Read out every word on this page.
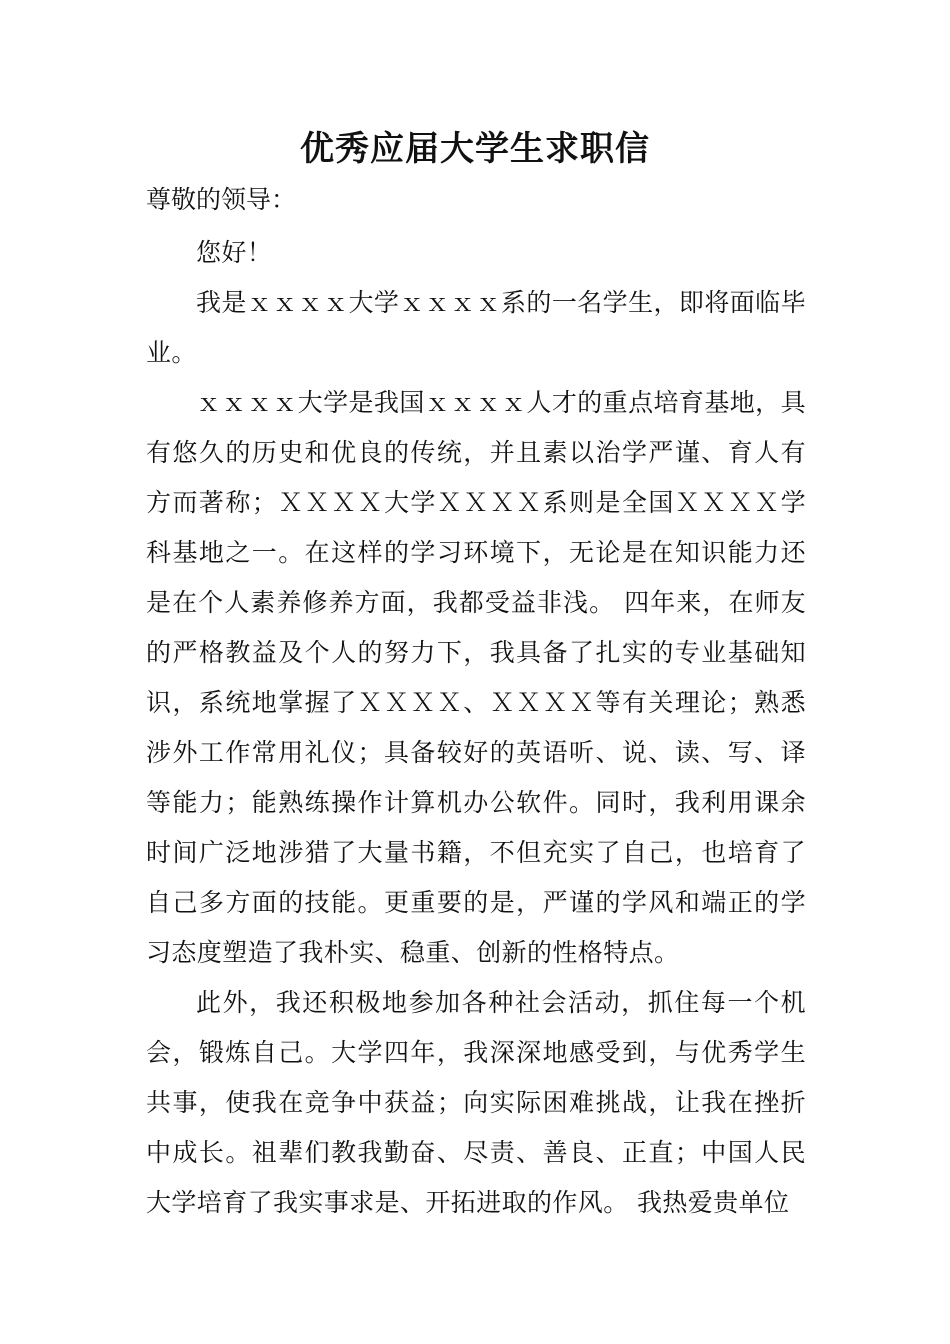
优秀应届大学生求职信
尊敬的领导：

您好！

我是ｘｘｘｘ大学ｘｘｘｘ系的一名学生，即将面临毕业。

ｘｘｘｘ大学是我国ｘｘｘｘ人才的重点培育基地，具有悠久的历史和优良的传统，并且素以治学严谨、育人有方而著称；ＸＸＸＸ大学ＸＸＸＸ系则是全国ＸＸＸＸ学科基地之一。在这样的学习环境下，无论是在知识能力还是在个人素养修养方面，我都受益非浅。 四年来，在师友的严格教益及个人的努力下，我具备了扎实的专业基础知识，系统地掌握了ＸＸＸＸ、ＸＸＸＸ等有关理论；熟悉涉外工作常用礼仪；具备较好的英语听、说、读、写、译等能力；能熟练操作计算机办公软件。同时，我利用课余时间广泛地涉猎了大量书籍，不但充实了自己，也培育了自己多方面的技能。更重要的是，严谨的学风和端正的学习态度塑造了我朴实、稳重、创新的性格特点。

此外，我还积极地参加各种社会活动，抓住每一个机会，锻炼自己。大学四年，我深深地感受到，与优秀学生共事，使我在竞争中获益；向实际困难挑战，让我在挫折中成长。祖辈们教我勤奋、尽责、善良、正直；中国人民大学培育了我实事求是、开拓进取的作风。 我热爱贵单位
